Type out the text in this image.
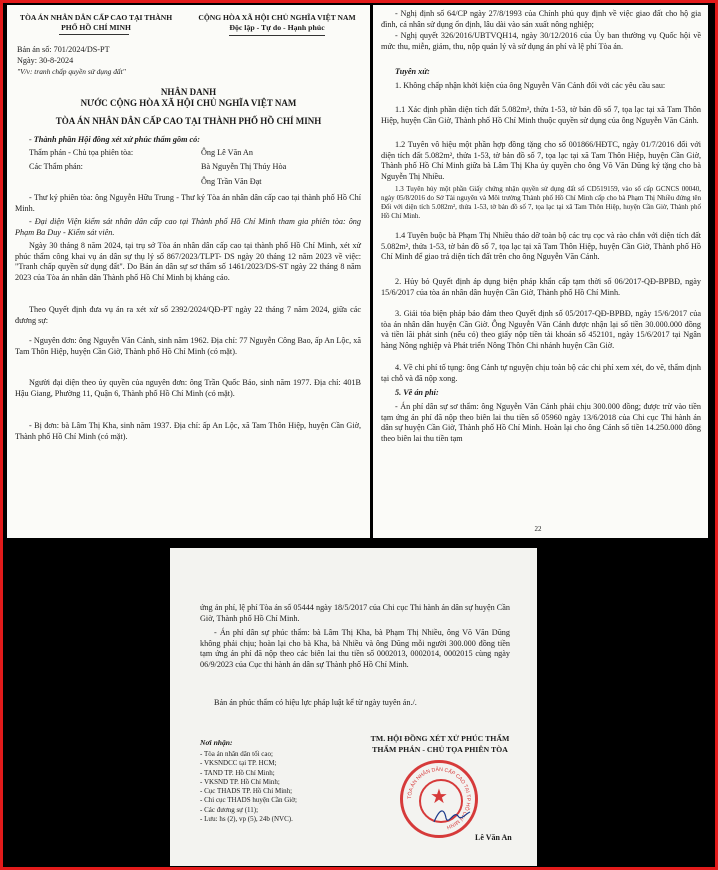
TÒA ÁN NHÂN DÂN CẤP CAO TẠI THÀNH PHỐ HỒ CHÍ MINH
CỘNG HÒA XÃ HỘI CHỦ NGHĨA VIỆT NAM
Độc lập - Tự do - Hạnh phúc
Bản án số: 701/2024/DS-PT
Ngày: 30-8-2024
"V/v: tranh chấp quyền sử dụng đất"
NHÂN DANH
NƯỚC CỘNG HÒA XÃ HỘI CHỦ NGHĨA VIỆT NAM
TÒA ÁN NHÂN DÂN CẤP CAO TẠI THÀNH PHỐ HỒ CHÍ MINH
- Thành phần Hội đồng xét xử phúc thẩm gồm có:
Thẩm phán - Chủ tọa phiên tòa:	Ông Lê Văn An
Các Thẩm phán:	Bà Nguyễn Thị Thúy Hòa
Ông Trần Văn Đạt
- Thư ký phiên tòa: ông Nguyễn Hữu Trung - Thư ký Tòa án nhân dân cấp cao tại thành phố Hồ Chí Minh.
- Đại diện Viện kiểm sát nhân dân cấp cao tại Thành phố Hồ Chí Minh tham gia phiên tòa: ông Phạm Ba Duy - Kiểm sát viên.
Ngày 30 tháng 8 năm 2024, tại trụ sở Tòa án nhân dân cấp cao tại thành phố Hồ Chí Minh, xét xử phúc thẩm công khai vụ án dân sự thụ lý số 867/2023/TLPT- DS ngày 20 tháng 12 năm 2023 về việc: "Tranh chấp quyền sử dụng đất". Do Bản án dân sự sơ thẩm số 1461/2023/DS-ST ngày 22 tháng 8 năm 2023 của Tòa án nhân dân Thành phố Hồ Chí Minh bị kháng cáo.
Theo Quyết định đưa vụ án ra xét xử số 2392/2024/QĐ-PT ngày 22 tháng 7 năm 2024, giữa các đương sự:
- Nguyên đơn: ông Nguyễn Văn Cảnh, sinh năm 1962. Địa chỉ: 77 Nguyễn Công Bao, ấp An Lộc, xã Tam Thôn Hiệp, huyện Cần Giờ, Thành phố Hồ Chí Minh (có mặt).
Người đại diện theo ủy quyền của nguyên đơn: ông Trần Quốc Bảo, sinh năm 1977. Địa chỉ: 401B Hậu Giang, Phường 11, Quận 6, Thành phố Hồ Chí Minh (có mặt).
- Bị đơn: bà Lâm Thị Kha, sinh năm 1937. Địa chỉ: ấp An Lộc, xã Tam Thôn Hiệp, huyện Cần Giờ, Thành phố Hồ Chí Minh (có mặt).
- Nghị định số 64/CP ngày 27/8/1993 của Chính phủ quy định về việc giao đất cho hộ gia đình, cá nhân sử dụng ổn định, lâu dài vào sản xuất nông nghiệp;
- Nghị quyết 326/2016/UBTVQH14, ngày 30/12/2016 của Ủy ban thường vụ Quốc hội về mức thu, miễn, giảm, thu, nộp quản lý và sử dụng án phí và lệ phí Tòa án.
Tuyên xử:
1. Không chấp nhận khởi kiện của ông Nguyễn Văn Cảnh đối với các yêu cầu sau:
1.1 Xác định phần diện tích đất 5.082m², thửa 1-53, tờ bản đồ số 7, tọa lạc tại xã Tam Thôn Hiệp, huyện Cần Giờ, Thành phố Hồ Chí Minh thuộc quyền sử dụng của ông Nguyễn Văn Cảnh.
1.2 Tuyên vô hiệu một phần hợp đồng tặng cho số 001866/HĐTC, ngày 01/7/2016 đối với diện tích đất 5.082m², thửa 1-53, tờ bản đồ số 7, tọa lạc tại xã Tam Thôn Hiệp, huyện Cần Giờ, Thành phố Hồ Chí Minh giữa bà Lâm Thị Kha ủy quyền cho ông Võ Văn Dũng ký tặng cho bà Nguyễn Thị Nhiều.
1.3 Tuyên hủy một phần Giấy chứng nhận quyền sử dụng đất số CD519159, vào sổ cấp GCNCS 00040, ngày 05/8/2016 do Sở Tài nguyên và Môi trường Thành phố Hồ Chí Minh cấp cho bà Phạm Thị Nhiều đứng tên Đối với diện tích 5.082m², thửa 1-53, tờ bản đồ số 7, tọa lạc tại xã Tam Thôn Hiệp, huyện Cần Giờ, Thành phố Hồ Chí Minh.
1.4 Tuyên buộc bà Phạm Thị Nhiều tháo dỡ toàn bộ các trụ cọc và rào chắn với diện tích đất 5.082m², thửa 1-53, tờ bản đồ số 7, tọa lạc tại xã Tam Thôn Hiệp, huyện Cần Giờ, Thành phố Hồ Chí Minh để giao trả diện tích đất trên cho ông Nguyễn Văn Cảnh.
2. Hủy bỏ Quyết định áp dụng biện pháp khẩn cấp tạm thời số 06/2017-QĐ-BPBĐ, ngày 15/6/2017 của tòa án nhân dân huyện Cần Giờ, Thành phố Hồ Chí Minh.
3. Giải tỏa biện pháp bảo đảm theo Quyết định số 05/2017-QĐ-BPBĐ, ngày 15/6/2017 của tòa án nhân dân huyện Cần Giờ. Ông Nguyễn Văn Cảnh được nhận lại số tiền 30.000.000 đồng và tiền lãi phát sinh (nếu có) theo giấy nộp tiền tài khoản số 452101, ngày 15/6/2017 tại Ngân hàng Nông nghiệp và Phát triển Nông Thôn Chi nhánh huyện Cần Giờ.
4. Về chi phí tố tụng: ông Cảnh tự nguyện chịu toàn bộ các chi phí xem xét, đo vẽ, thẩm định tại chỗ và đã nộp xong.
5. Về án phí:
- Án phí dân sự sơ thẩm: ông Nguyễn Văn Cảnh phải chịu 300.000 đồng; được trừ vào tiền tạm ứng án phí đã nộp theo biên lai thu tiền số 05960 ngày 13/6/2018 của Chi cục Thi hành án dân sự huyện Cần Giờ, Thành phố Hồ Chí Minh. Hoàn lại cho ông Cảnh số tiền 14.250.000 đồng theo biên lai thu tiền tạm
22
ứng án phí, lệ phí Tòa án số 05444 ngày 18/5/2017 của Chi cục Thi hành án dân sự huyện Cần Giờ, Thành phố Hồ Chí Minh.
- Án phí dân sự phúc thẩm: bà Lâm Thị Kha, bà Phạm Thị Nhiều, ông Võ Văn Dũng không phải chịu; hoàn lại cho bà Kha, bà Nhiều và ông Dũng mỗi người 300.000 đồng tiền tạm ứng án phí đã nộp theo các biên lai thu tiền số 0002013, 0002014, 0002015 cùng ngày 06/9/2023 của Cục thi hành án dân sự Thành phố Hồ Chí Minh.
Bản án phúc thẩm có hiệu lực pháp luật kể từ ngày tuyên án./.
Nơi nhận:
- Tòa án nhân dân tối cao;
- VKSNDCC tại TP. HCM;
- TAND TP. Hồ Chí Minh;
- VKSND TP. Hồ Chí Minh;
- Cục THADS TP. Hồ Chí Minh;
- Chi cục THADS huyện Cần Giờ;
- Các đương sự (11);
- Lưu: hs (2), vp (5), 24b (NVC).
TM. HỘI ĐỒNG XÉT XỬ PHÚC THẨM
THẨM PHÁN - CHỦ TỌA PHIÊN TÒA
TÒA ÁN NHÂN DÂN CẤP CAO TẠI TP HỒ CHÍ MINH
★
Lê Văn An
